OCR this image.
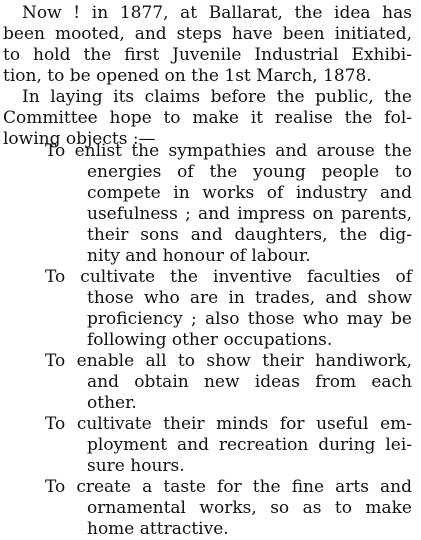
Now ! in 1877, at Ballarat, the idea has
been mooted, and steps have been initiated,
to hold the first Juvenile Industrial Exhibi-
tion, to be opened on the 1st March, 1878.
In laying its claims before the public, the
Committee hope to make it realise the fol-
lowing objects :—
To enlist the sympathies and arouse the
energies of the young people to
compete in works of industry and
usefulness ; and impress on parents,
their sons and daughters, the dig-
nity and honour of labour.
To cultivate the inventive faculties of
those who are in trades, and show
proficiency ; also those who may be
following other occupations.
To enable all to show their handiwork,
and obtain new ideas from each
other.
To cultivate their minds for useful em-
ployment and recreation during lei-
sure hours.
To create a taste for the fine arts and
ornamental works, so as to make
home attractive.
